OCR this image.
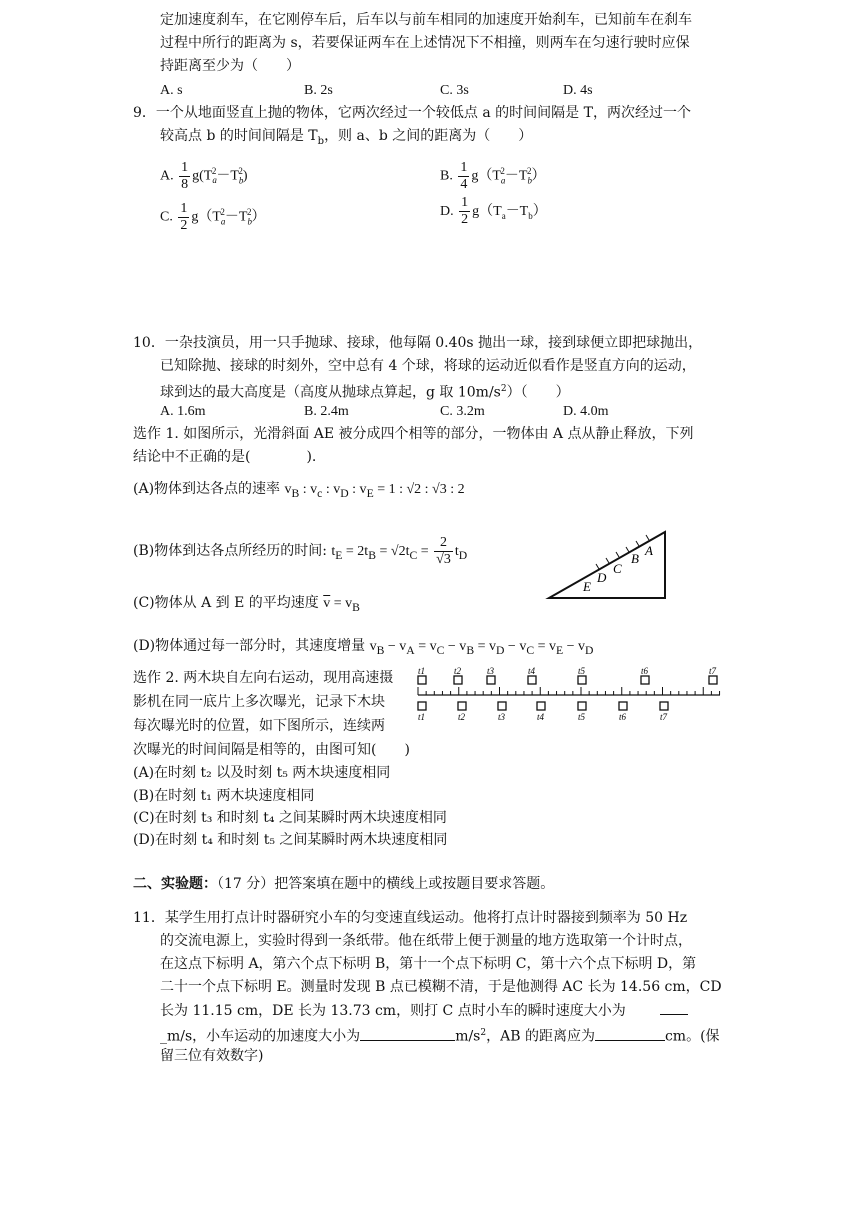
定加速度刹车，在它刚停车后，后车以与前车相同的加速度开始刹车，已知前车在刹车
过程中所行的距离为 s，若要保证两车在上述情况下不相撞，则两车在匀速行驶时应保
持距离至少为（　　）
A. s	B. 2s	C. 3s	D. 4s
9．一个从地面竖直上抛的物体，它两次经过一个较低点 a 的时间间隔是 T，两次经过一个
较高点 b 的时间间隔是 $T_b$，则 a、b 之间的距离为（　　）
A. $\frac{1}{8} g(T_a^2-T_b^2)$	B. $\frac{1}{4} g(T_a^2-T_b^2)$
C. $\frac{1}{2} g(T_a^2-T_b^2)$	D. $\frac{1}{2} g(T_a-T_b)$
10．一杂技演员，用一只手抛球、接球，他每隔 0.40s 抛出一球，接到球便立即把球抛出，
已知除抛、接球的时刻外，空中总有 4 个球，将球的运动近似看作是竖直方向的运动，
球到达的最大高度是（高度从抛球点算起，g 取 $10m/s^2$）（　　）
A. 1.6m	B. 2.4m	C. 3.2m	D. 4.0m
选作 1. 如图所示，光滑斜面 AE 被分成四个相等的部分，一物体由 A 点从静止释放，下列
结论中不正确的是(　　　　).
(A)物体到达各点的速率 $v_B$ : $v_c$ : $v_D$ : $v_E = 1$ : √2 : √3 : 2
(B)物体到达各点所经历的时间: $t_E = 2t_B = √2t_C = \frac{2}{√3} t_D$
(C)物体从 A 到 E 的平均速度 $\overline{v} = v_B$
(D)物体通过每一部分时，其速度增量 $v_B - v_A = v_C - v_B = v_D - v_C = v_E - v_D$
A
B
C
D
E
选作 2. 两木块自左向右运动，现用高速摄
影机在同一底片上多次曝光，记录下木块
每次曝光时的位置，如下图所示，连续两
次曝光的时间间隔是相等的，由图可知(　　)
(A)在时刻 t₂ 以及时刻 t₅ 两木块速度相同
(B)在时刻 t₁ 两木块速度相同
(C)在时刻 t₃ 和时刻 t₄ 之间某瞬时两木块速度相同
(D)在时刻 t₄ 和时刻 t₅ 之间某瞬时两木块速度相同
t1	t2	t3	t4	t5	t6	t7
t1	t2	t3	t4	t5	t6	t7
二、实验题：（17 分）把答案填在题中的横线上或按题目要求答题。
11．某学生用打点计时器研究小车的匀变速直线运动。他将打点计时器接到频率为 50 Hz
的交流电源上，实验时得到一条纸带。他在纸带上便于测量的地方选取第一个计时点，
在这点下标明 A，第六个点下标明 B，第十一个点下标明 C，第十六个点下标明 D，第
二十一个点下标明 E。测量时发现 B 点已模糊不清，于是他测得 AC 长为 14.56 cm，CD
长为 11.15 cm，DE 长为 13.73 cm，则打 C 点时小车的瞬时速度大小为
_m/s，小车运动的加速度大小为	$m/s^2$，AB 的距离应为	cm。(保
留三位有效数字)
